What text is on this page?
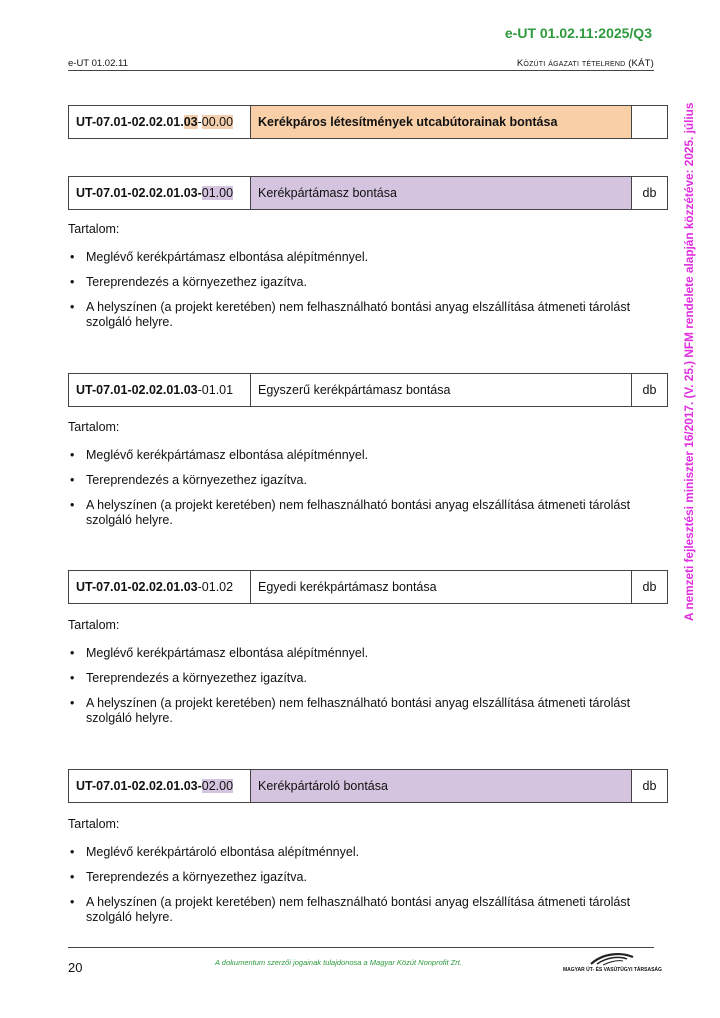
e-UT 01.02.11:2025/Q3
e-UT 01.02.11	Közúti ágazati tételrend (KÁT)
A nemzeti fejlesztési miniszter 16/2017. (V. 25.) NFM rendelete alapján közzétéve: 2025. július
UT-07.01-02.02.01. 03 - 00.00	Kerékpáros létesítmények utcabútorainak bontása
UT-07.01-02.02.01.03- 01.00	Kerékpártámasz bontása	db
Tartalom:
• Meglévő kerékpártámasz elbontása alépítménnyel.
• Tereprendezés a környezethez igazítva.
• A helyszínen (a projekt keretében) nem felhasználható bontási anyag elszállítása átmeneti tárolást szolgáló helyre.
UT-07.01-02.02.01.03 -01.01	Egyszerű kerékpártámasz bontása	db
Tartalom:
• Meglévő kerékpártámasz elbontása alépítménnyel.
• Tereprendezés a környezethez igazítva.
• A helyszínen (a projekt keretében) nem felhasználható bontási anyag elszállítása átmeneti tárolást szolgáló helyre.
UT-07.01-02.02.01.03 -01.02	Egyedi kerékpártámasz bontása	db
Tartalom:
• Meglévő kerékpártámasz elbontása alépítménnyel.
• Tereprendezés a környezethez igazítva.
• A helyszínen (a projekt keretében) nem felhasználható bontási anyag elszállítása átmeneti tárolást szolgáló helyre.
UT-07.01-02.02.01.03- 02.00	Kerékpártároló bontása	db
Tartalom:
• Meglévő kerékpártároló elbontása alépítménnyel.
• Tereprendezés a környezethez igazítva.
• A helyszínen (a projekt keretében) nem felhasználható bontási anyag elszállítása átmeneti tárolást szolgáló helyre.
20	A dokumentum szerzői jogainak tulajdonosa a Magyar Közút Nonprofit Zrt.
MAGYAR ÚT- ÉS VASÚTÜGYI TÁRSASÁG
